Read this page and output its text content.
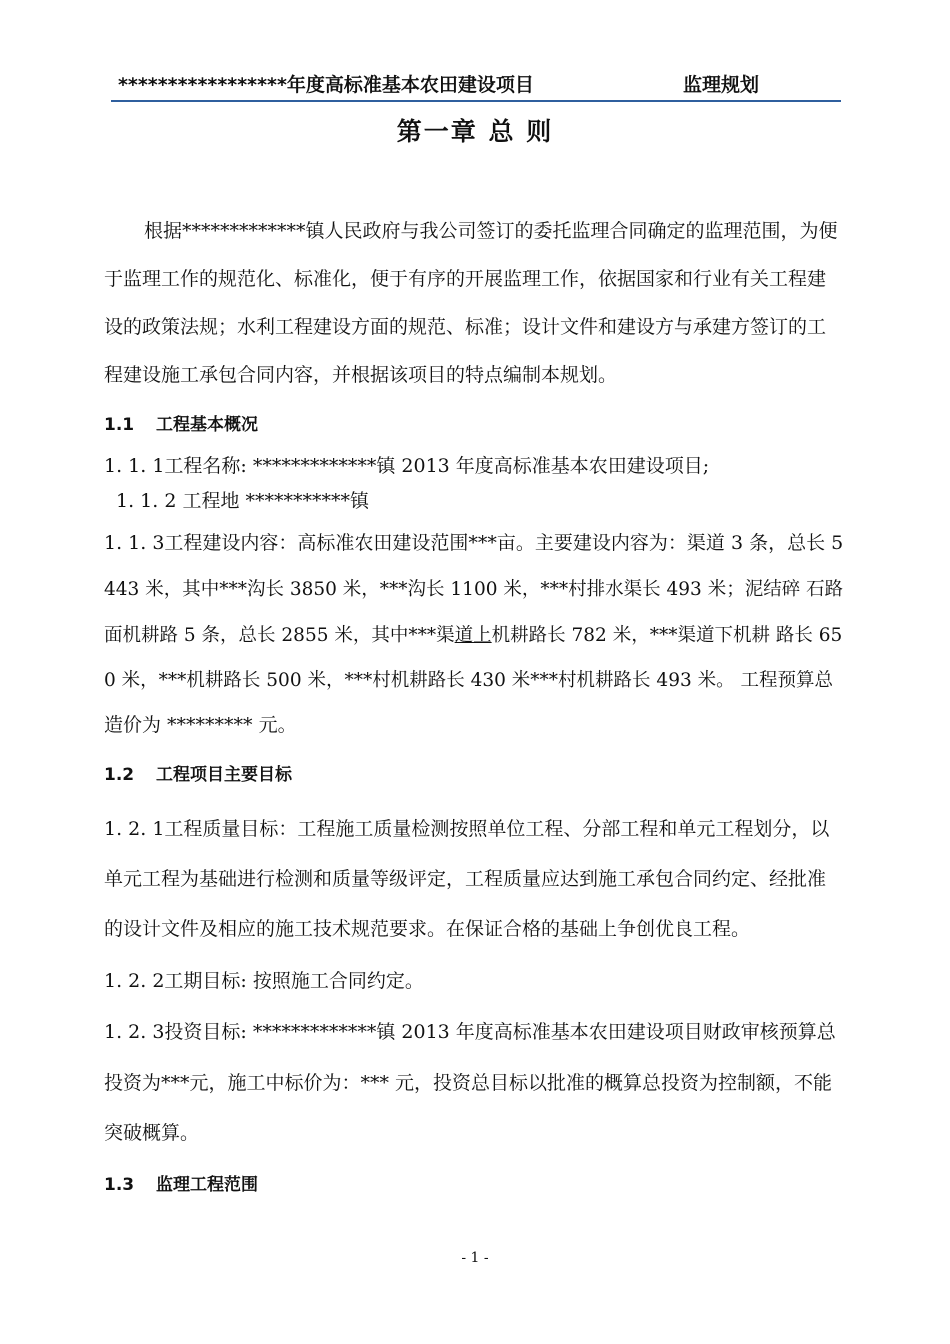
*****************年度高标准基本农田建设项目	监理规划
第一章 总 则
根据*************镇人民政府与我公司签订的委托监理合同确定的监理范围，为便
于监理工作的规范化、标准化，便于有序的开展监理工作，依据国家和行业有关工程建
设的政策法规；水利工程建设方面的规范、标准；设计文件和建设方与承建方签订的工
程建设施工承包合同内容，并根据该项目的特点编制本规划。
1.1 工程基本概况
1. 1. 1工程名称: *************镇 2013 年度高标准基本农田建设项目;
1. 1. 2 工程地 ***********镇
1. 1. 3工程建设内容：高标准农田建设范围***亩。主要建设内容为：渠道 3 条，总长 5
443 米，其中***沟长 3850 米，***沟长 1100 米，***村排水渠长 493 米；泥结碎 石路
面机耕路 5 条，总长 2855 米，其中***渠道上机耕路长 782 米，***渠道下机耕 路长 65
0 米，***机耕路长 500 米，***村机耕路长 430 米***村机耕路长 493 米。 工程预算总
造价为 ********* 元。
1.2 工程项目主要目标
1. 2. 1工程质量目标：工程施工质量检测按照单位工程、分部工程和单元工程划分，以
单元工程为基础进行检测和质量等级评定，工程质量应达到施工承包合同约定、经批准
的设计文件及相应的施工技术规范要求。在保证合格的基础上争创优良工程。
1. 2. 2工期目标: 按照施工合同约定。
1. 2. 3投资目标: *************镇 2013 年度高标准基本农田建设项目财政审核预算总
投资为***元，施工中标价为：*** 元，投资总目标以批准的概算总投资为控制额，不能
突破概算。
1.3 监理工程范围
- 1 -
